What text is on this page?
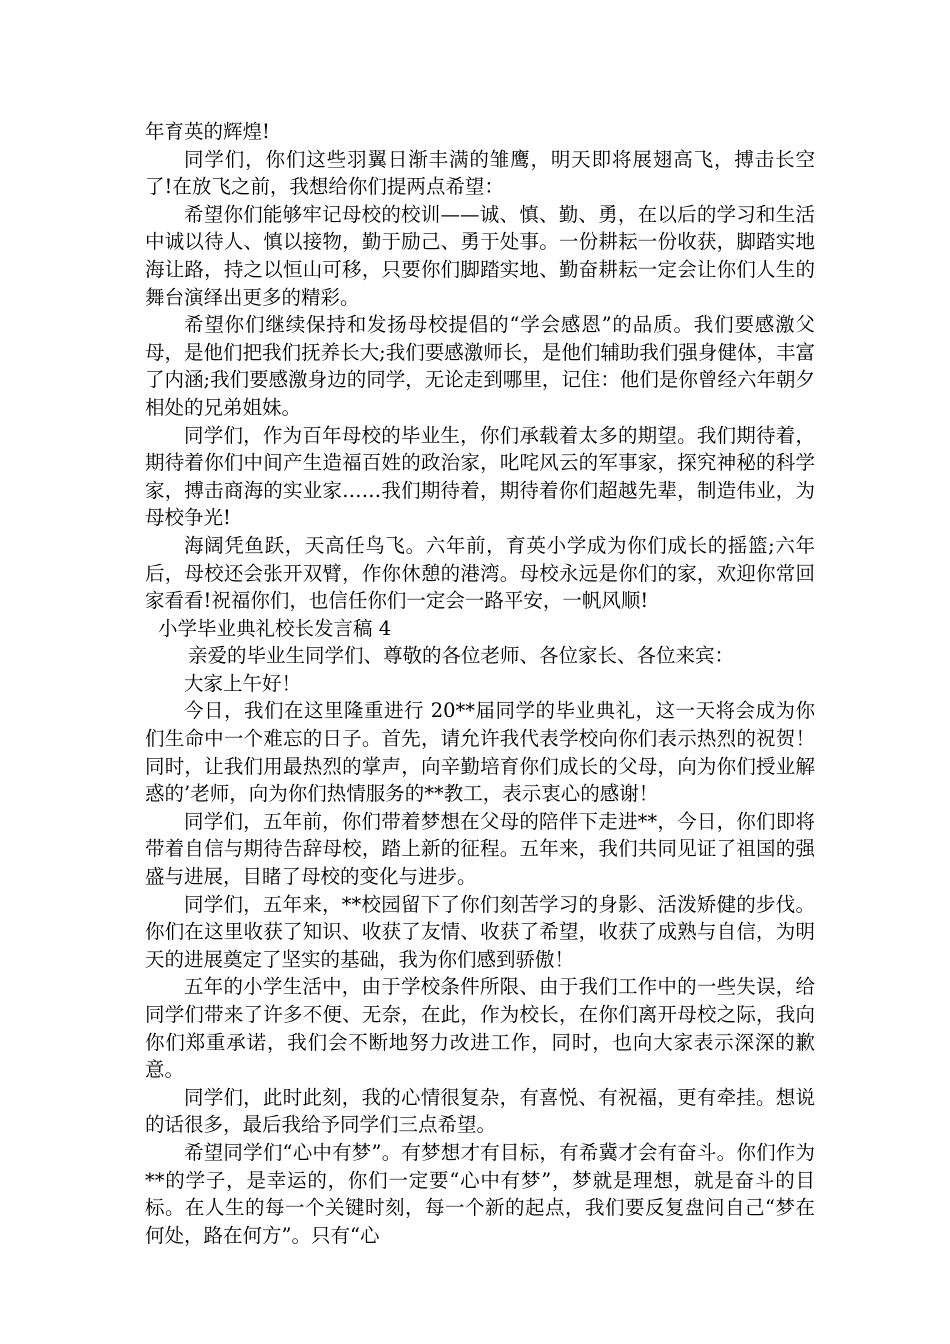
年育英的辉煌!

同学们，你们这些羽翼日渐丰满的雏鹰，明天即将展翅高飞，搏击长空了!在放飞之前，我想给你们提两点希望：

希望你们能够牢记母校的校训——诚、慎、勤、勇，在以后的学习和生活中诚以待人、慎以接物，勤于励己、勇于处事。一份耕耘一份收获，脚踏实地海让路，持之以恒山可移，只要你们脚踏实地、勤奋耕耘一定会让你们人生的舞台演绎出更多的精彩。

希望你们继续保持和发扬母校提倡的“学会感恩”的品质。我们要感激父母，是他们把我们抚养长大;我们要感激师长，是他们辅助我们强身健体，丰富了内涵;我们要感激身边的同学，无论走到哪里，记住：他们是你曾经六年朝夕相处的兄弟姐妹。

同学们，作为百年母校的毕业生，你们承载着太多的期望。我们期待着，期待着你们中间产生造福百姓的政治家，叱咤风云的军事家，探究神秘的科学家，搏击商海的实业家……我们期待着，期待着你们超越先辈，制造伟业，为母校争光!

海阔凭鱼跃，天高任鸟飞。六年前，育英小学成为你们成长的摇篮;六年后，母校还会张开双臂，作你休憩的港湾。母校永远是你们的家，欢迎你常回家看看!祝福你们，也信任你们一定会一路平安，一帆风顺!

小学毕业典礼校长发言稿 4

亲爱的毕业生同学们、尊敬的各位老师、各位家长、各位来宾：

大家上午好！

今日，我们在这里隆重进行 20**届同学的毕业典礼，这一天将会成为你们生命中一个难忘的日子。首先，请允许我代表学校向你们表示热烈的祝贺！同时，让我们用最热烈的掌声，向辛勤培育你们成长的父母，向为你们授业解惑的’老师，向为你们热情服务的**教工，表示衷心的感谢！

同学们，五年前，你们带着梦想在父母的陪伴下走进**，今日，你们即将带着自信与期待告辞母校，踏上新的征程。五年来，我们共同见证了祖国的强盛与进展，目睹了母校的变化与进步。

同学们，五年来，**校园留下了你们刻苦学习的身影、活泼矫健的步伐。你们在这里收获了知识、收获了友情、收获了希望，收获了成熟与自信，为明天的进展奠定了坚实的基础，我为你们感到骄傲！

五年的小学生活中，由于学校条件所限、由于我们工作中的一些失误，给同学们带来了许多不便、无奈，在此，作为校长，在你们离开母校之际，我向你们郑重承诺，我们会不断地努力改进工作，同时，也向大家表示深深的歉意。

同学们，此时此刻，我的心情很复杂，有喜悦、有祝福，更有牵挂。想说的话很多，最后我给予同学们三点希望。

希望同学们“心中有梦”。有梦想才有目标，有希冀才会有奋斗。你们作为**的学子，是幸运的，你们一定要“心中有梦”，梦就是理想，就是奋斗的目标。在人生的每一个关键时刻，每一个新的起点，我们要反复盘问自己“梦在何处，路在何方”。只有“心
